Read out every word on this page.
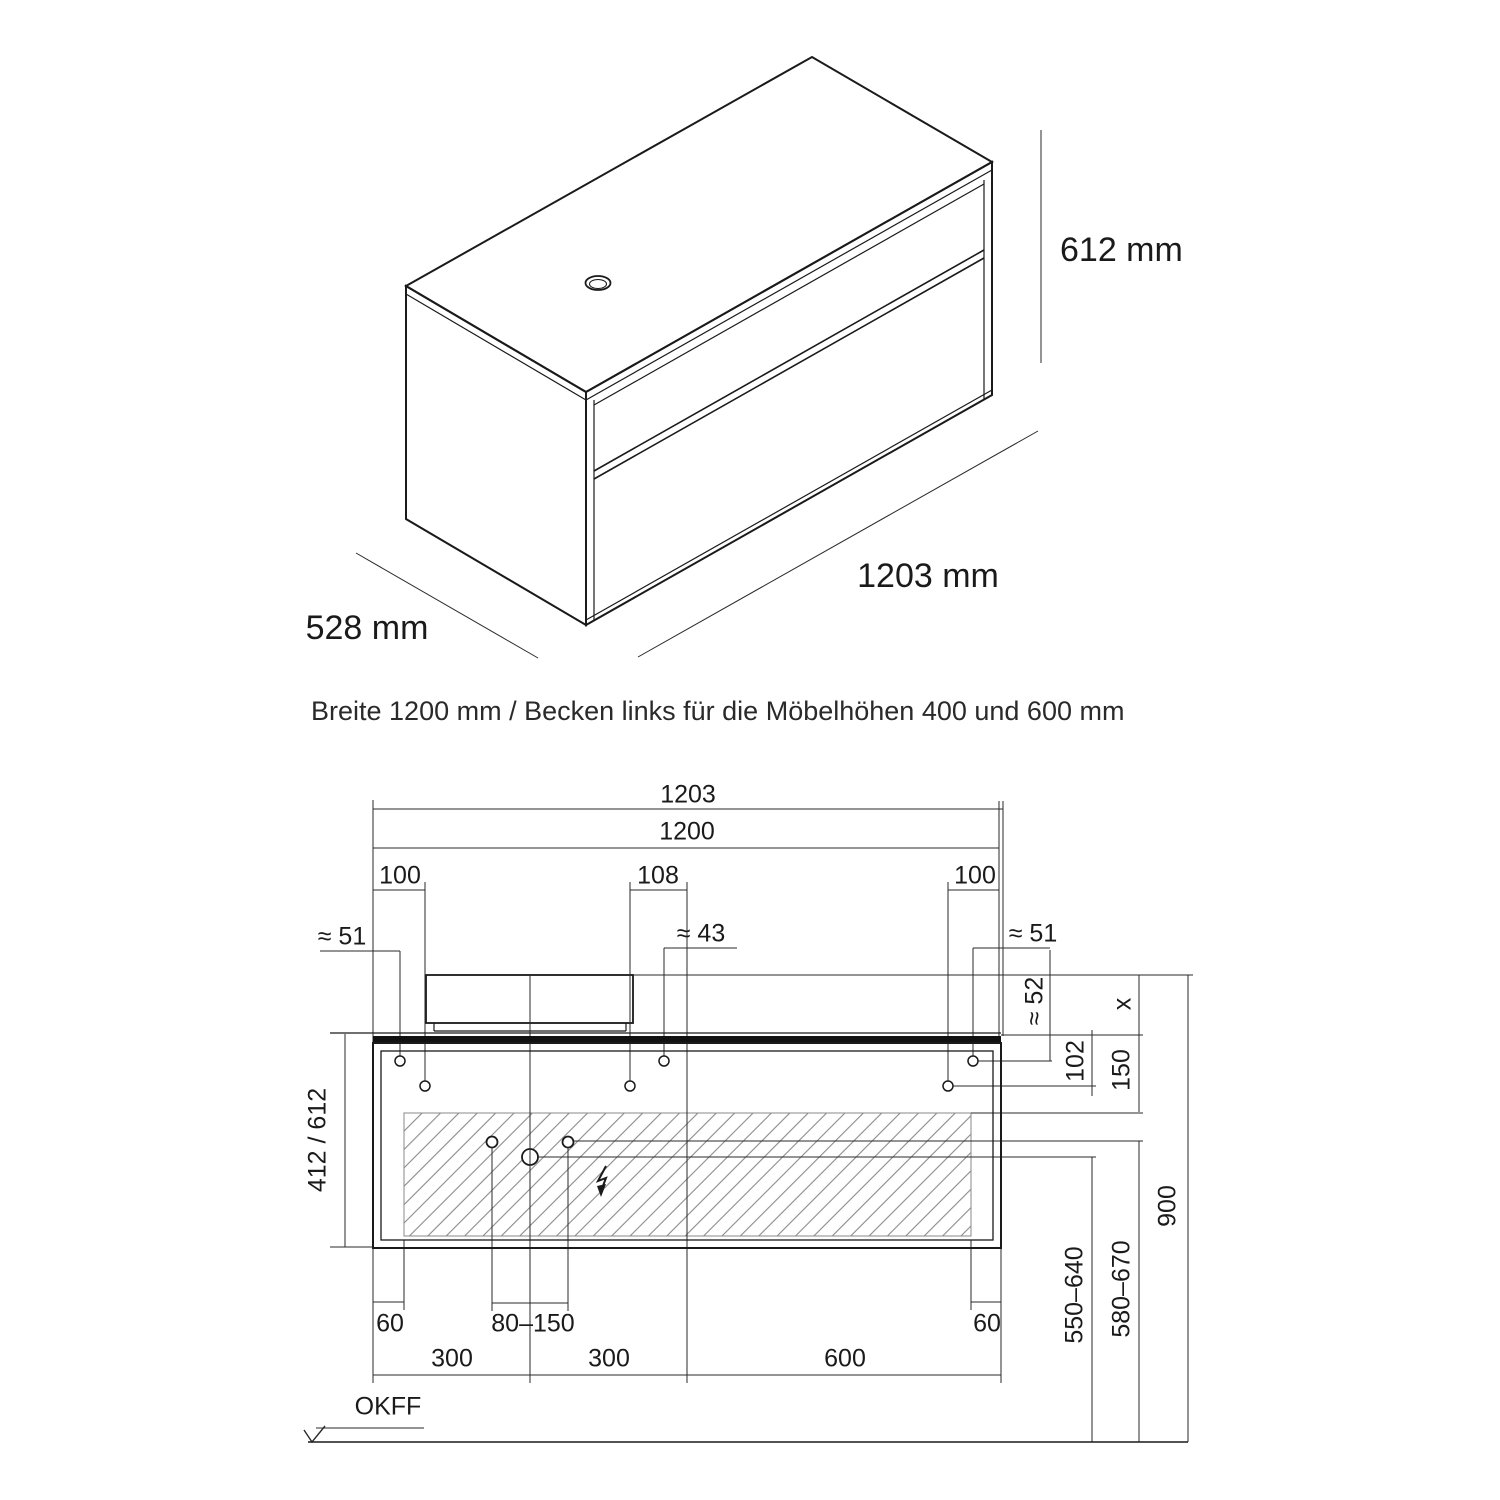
612 mm
1203 mm
528 mm
Breite 1200 mm / Becken links für die Möbelhöhen 400 und 600 mm
1203
1200
100	108	100
≈ 51	≈ 43	≈ 51
≈ 52
102 150
x
412 / 612
550–640 580–670
900
60	80–150	60
300	300	600
OKFF
